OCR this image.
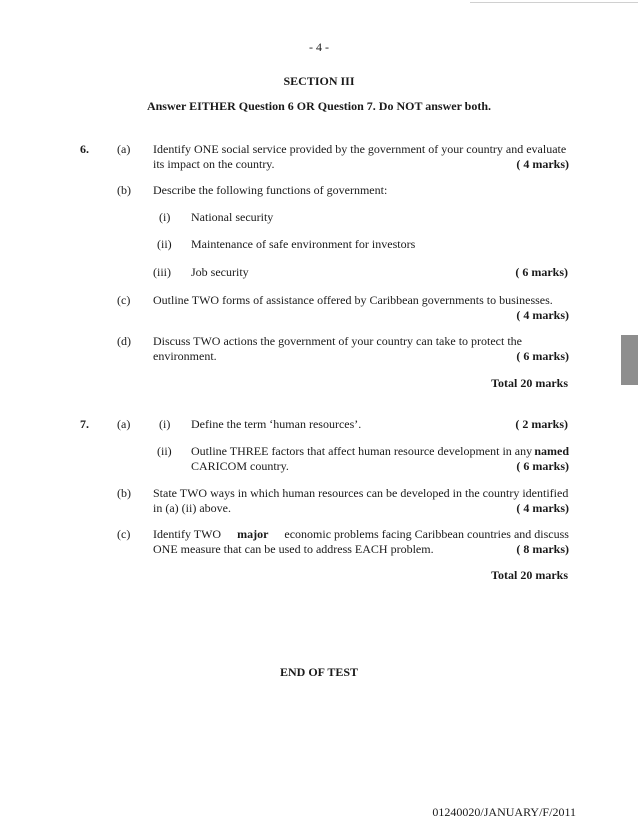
- 4 -
SECTION III
Answer EITHER Question 6 OR Question 7. Do NOT answer both.
6. (a) Identify ONE social service provided by the government of your country and evaluate
its impact on the country.	( 4 marks)
(b) Describe the following functions of government:
(i) National security
(ii) Maintenance of safe environment for investors
(iii) Job security	( 6 marks)
(c) Outline TWO forms of assistance offered by Caribbean governments to businesses.
( 4 marks)
(d) Discuss TWO actions the government of your country can take to protect the
environment.	( 6 marks)
Total 20 marks
7. (a) (i) Define the term ‘human resources’.	( 2 marks)
(ii) Outline THREE factors that affect human resource development in any named
CARICOM country.	( 6 marks)
(b) State TWO ways in which human resources can be developed in the country identified
in (a) (ii) above.	( 4 marks)
(c) Identify TWO major economic problems facing Caribbean countries and discuss
ONE measure that can be used to address EACH problem.	( 8 marks)
Total 20 marks
END OF TEST
01240020/JANUARY/F/2011
